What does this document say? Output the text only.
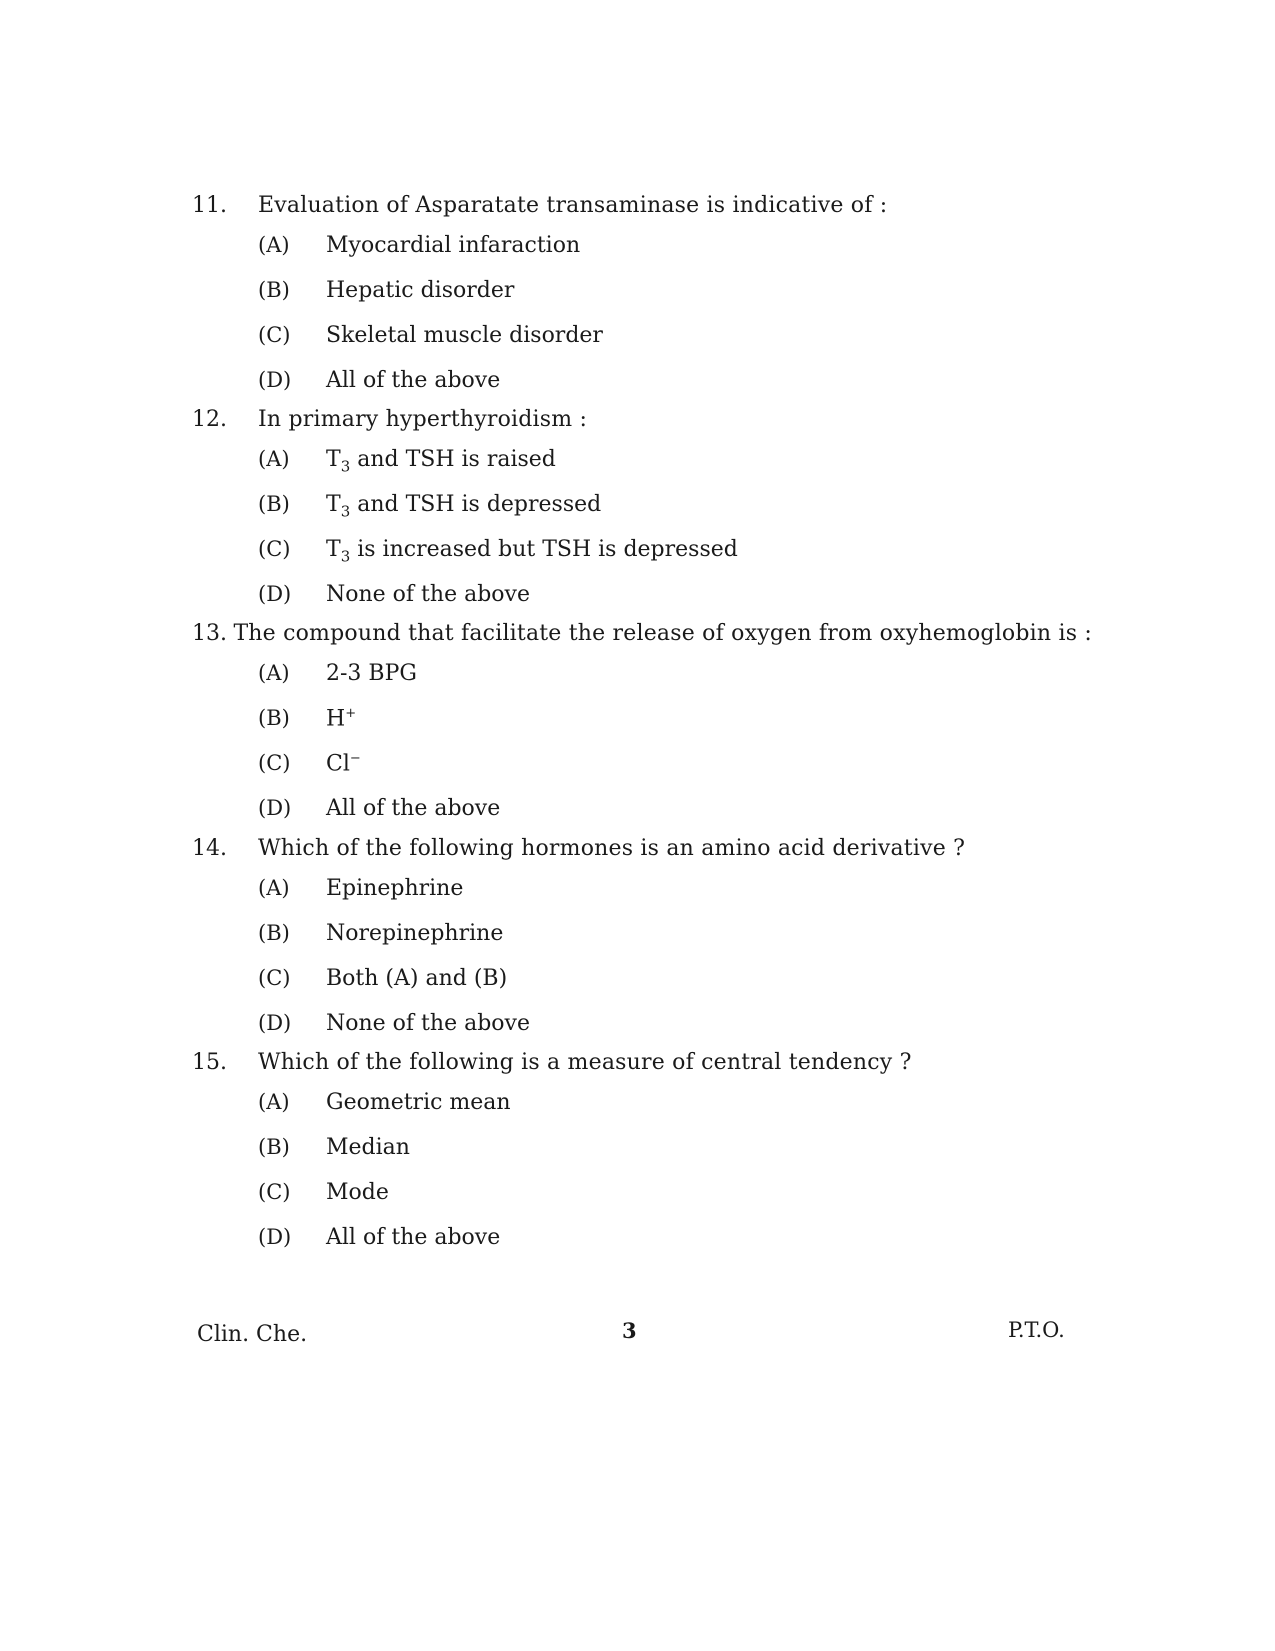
11.	Evaluation of Asparatate transaminase is indicative of :
(A)	Myocardial infaraction
(B)	Hepatic disorder
(C)	Skeletal muscle disorder
(D)	All of the above
12.	In primary hyperthyroidism :
(A)	$T_3$ and TSH is raised
(B)	$T_3$ and TSH is depressed
(C)	$T_3$ is increased but TSH is depressed
(D)	None of the above
13. The compound that facilitate the release of oxygen from oxyhemoglobin is :
(A)	2-3 BPG
(B)	H+
(C)	Cl−
(D)	All of the above
14.	Which of the following hormones is an amino acid derivative ?
(A)	Epinephrine
(B)	Norepinephrine
(C)	Both (A) and (B)
(D)	None of the above
15.	Which of the following is a measure of central tendency ?
(A)	Geometric mean
(B)	Median
(C)	Mode
(D)	All of the above
Clin. Che.	3	P.T.O.
